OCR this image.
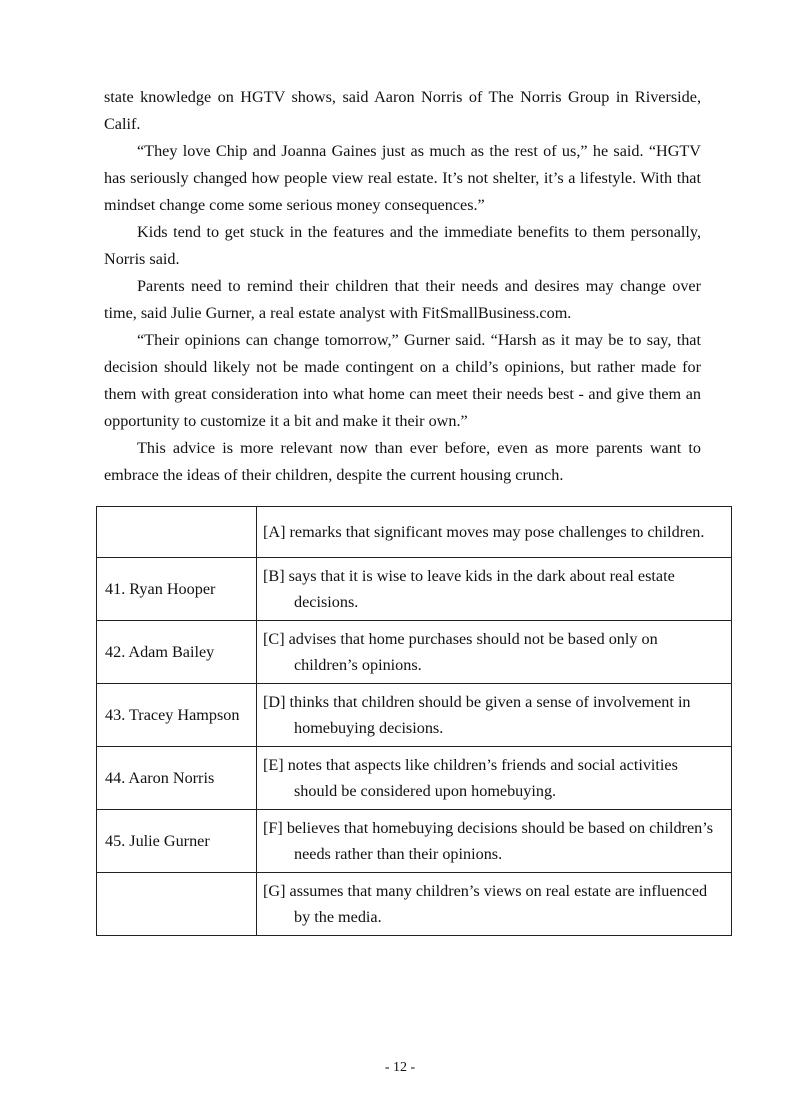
state knowledge on HGTV shows, said Aaron Norris of The Norris Group in Riverside, Calif.

“They love Chip and Joanna Gaines just as much as the rest of us,” he said. “HGTV has seriously changed how people view real estate. It’s not shelter, it’s a lifestyle. With that mindset change come some serious money consequences.”

Kids tend to get stuck in the features and the immediate benefits to them personally, Norris said.

Parents need to remind their children that their needs and desires may change over time, said Julie Gurner, a real estate analyst with FitSmallBusiness.com.

“Their opinions can change tomorrow,” Gurner said. “Harsh as it may be to say, that decision should likely not be made contingent on a child’s opinions, but rather made for them with great consideration into what home can meet their needs best - and give them an opportunity to customize it a bit and make it their own.”

This advice is more relevant now than ever before, even as more parents want to embrace the ideas of their children, despite the current housing crunch.

	[A] remarks that significant moves may pose challenges to children.

41. Ryan Hooper	[B] says that it is wise to leave kids in the dark about real estate decisions.

42. Adam Bailey	[C] advises that home purchases should not be based only on children’s opinions.

43. Tracey Hampson	[D] thinks that children should be given a sense of involvement in homebuying decisions.

44. Aaron Norris	[E] notes that aspects like children’s friends and social activities should be considered upon homebuying.

45. Julie Gurner	[F] believes that homebuying decisions should be based on children’s needs rather than their opinions.

	[G] assumes that many children’s views on real estate are influenced by the media.
- 12 -
